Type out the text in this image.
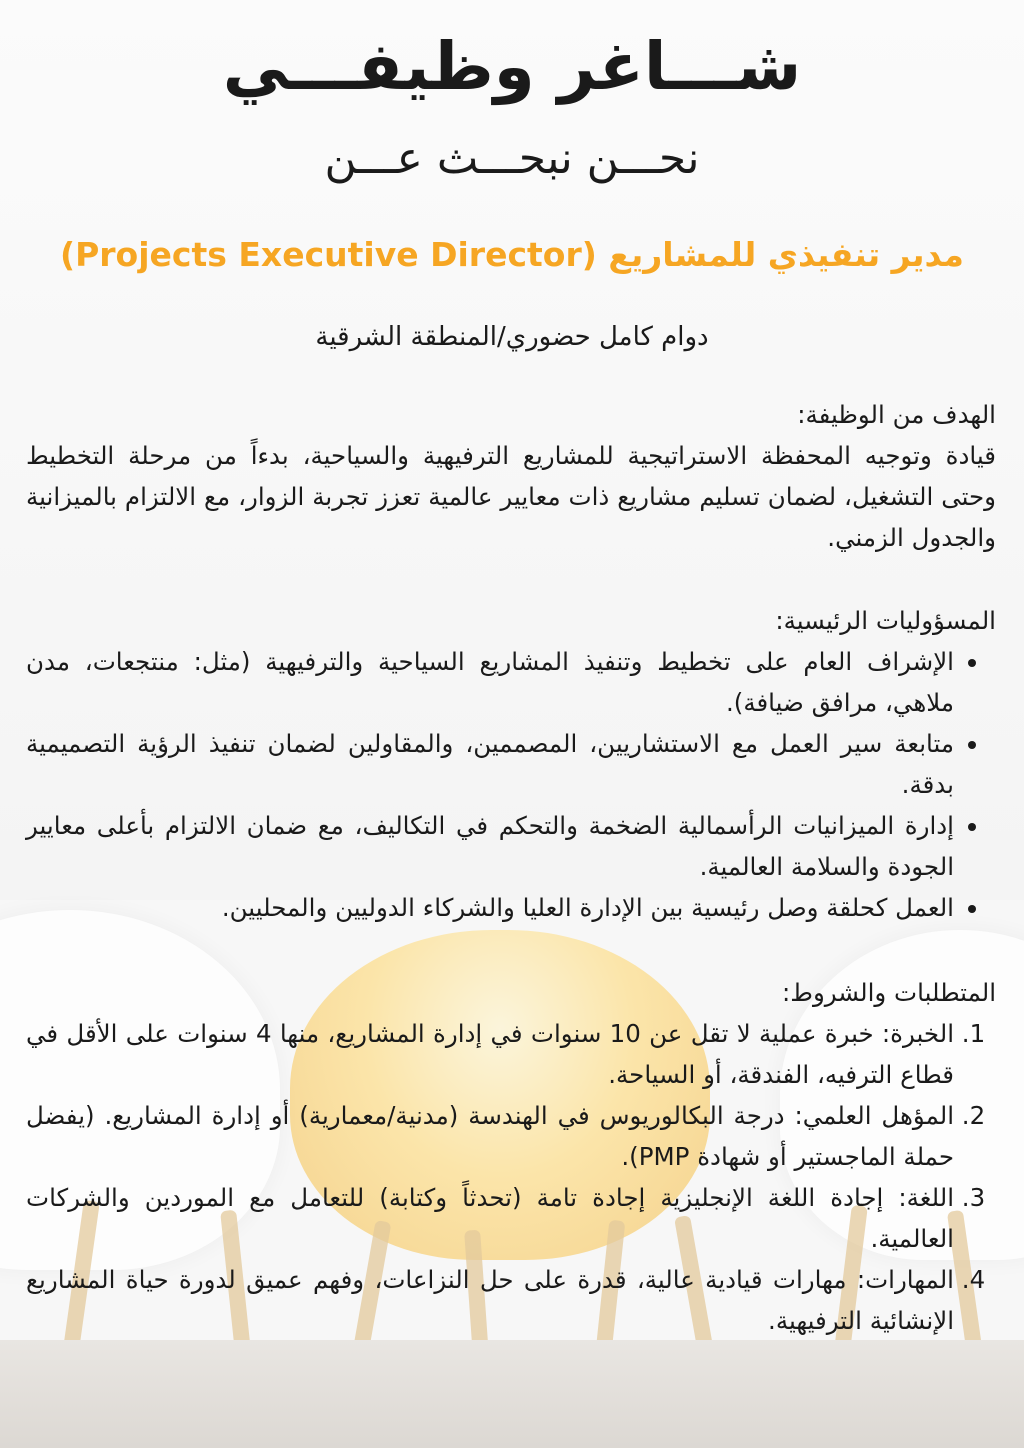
شـــاغر وظيفـــي
نحـــن نبحـــث عـــن
مدير تنفيذي للمشاريع (Projects Executive Director)
دوام كامل حضوري/المنطقة الشرقية
الهدف من الوظيفة:

قيادة وتوجيه المحفظة الاستراتيجية للمشاريع الترفيهية والسياحية، بدءاً من مرحلة التخطيط وحتى التشغيل، لضمان تسليم مشاريع ذات معايير عالمية تعزز تجربة الزوار، مع الالتزام بالميزانية والجدول الزمني.

المسؤوليات الرئيسية:
• الإشراف العام على تخطيط وتنفيذ المشاريع السياحية والترفيهية (مثل: منتجعات، مدن ملاهي، مرافق ضيافة).
• متابعة سير العمل مع الاستشاريين، المصممين، والمقاولين لضمان تنفيذ الرؤية التصميمية بدقة.
• إدارة الميزانيات الرأسمالية الضخمة والتحكم في التكاليف، مع ضمان الالتزام بأعلى معايير الجودة والسلامة العالمية.
• العمل كحلقة وصل رئيسية بين الإدارة العليا والشركاء الدوليين والمحليين.
المتطلبات والشروط:
1. الخبرة: خبرة عملية لا تقل عن 10 سنوات في إدارة المشاريع، منها 4 سنوات على الأقل في قطاع الترفيه، الفندقة، أو السياحة.
2. المؤهل العلمي: درجة البكالوريوس في الهندسة (مدنية/معمارية) أو إدارة المشاريع. (يفضل حملة الماجستير أو شهادة PMP).
3. اللغة: إجادة اللغة الإنجليزية إجادة تامة (تحدثاً وكتابة) للتعامل مع الموردين والشركات العالمية.
4. المهارات: مهارات قيادية عالية، قدرة على حل النزاعات، وفهم عميق لدورة حياة المشاريع الإنشائية الترفيهية.
